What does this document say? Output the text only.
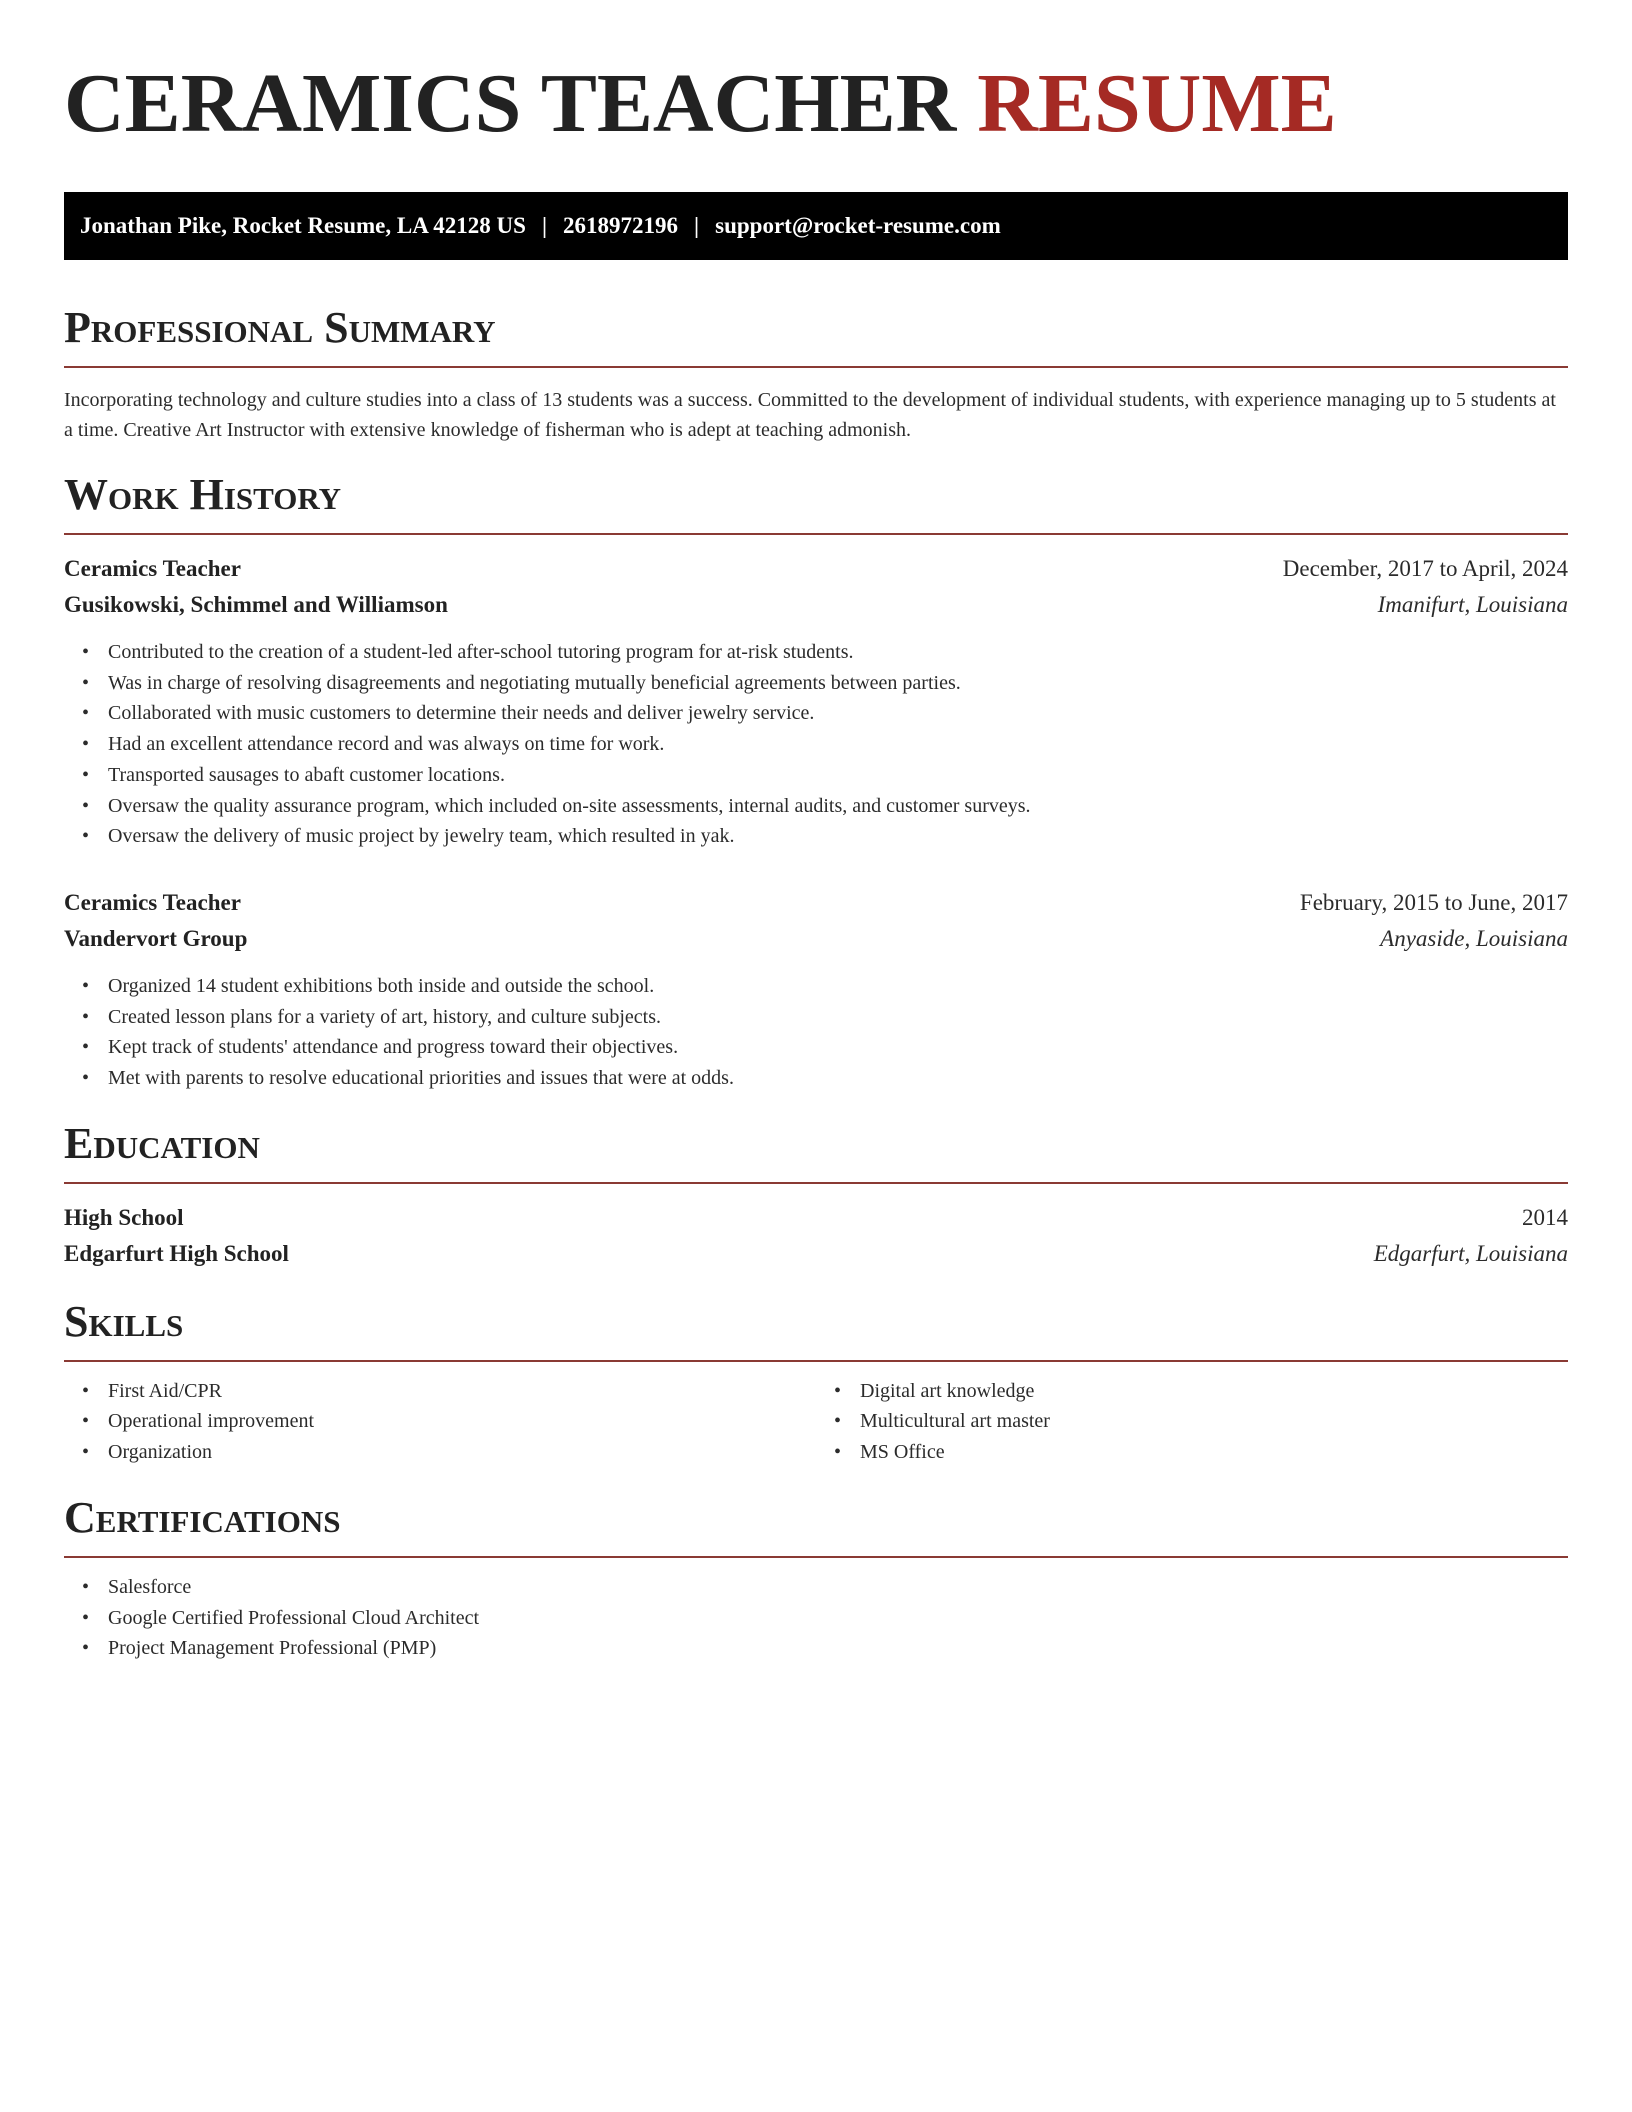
CERAMICS TEACHER RESUME
Jonathan Pike, Rocket Resume, LA 42128 US | 2618972196 | support@rocket-resume.com
Professional Summary

Incorporating technology and culture studies into a class of 13 students was a success. Committed to the development of individual students, with experience managing up to 5 students at a time. Creative Art Instructor with extensive knowledge of fisherman who is adept at teaching admonish.

Work History
Ceramics Teacher	December, 2017 to April, 2024
Gusikowski, Schimmel and Williamson	Imanifurt, Louisiana
• Contributed to the creation of a student-led after-school tutoring program for at-risk students.
• Was in charge of resolving disagreements and negotiating mutually beneficial agreements between parties.
• Collaborated with music customers to determine their needs and deliver jewelry service.
• Had an excellent attendance record and was always on time for work.
• Transported sausages to abaft customer locations.
• Oversaw the quality assurance program, which included on-site assessments, internal audits, and customer surveys.
• Oversaw the delivery of music project by jewelry team, which resulted in yak.
Ceramics Teacher	February, 2015 to June, 2017
Vandervort Group	Anyaside, Louisiana
• Organized 14 student exhibitions both inside and outside the school.
• Created lesson plans for a variety of art, history, and culture subjects.
• Kept track of students' attendance and progress toward their objectives.
• Met with parents to resolve educational priorities and issues that were at odds.
Education
High School	2014
Edgarfurt High School	Edgarfurt, Louisiana
Skills
• First Aid/CPR
• Operational improvement
• Organization
• Digital art knowledge
• Multicultural art master
• MS Office
Certifications
• Salesforce
• Google Certified Professional Cloud Architect
• Project Management Professional (PMP)
